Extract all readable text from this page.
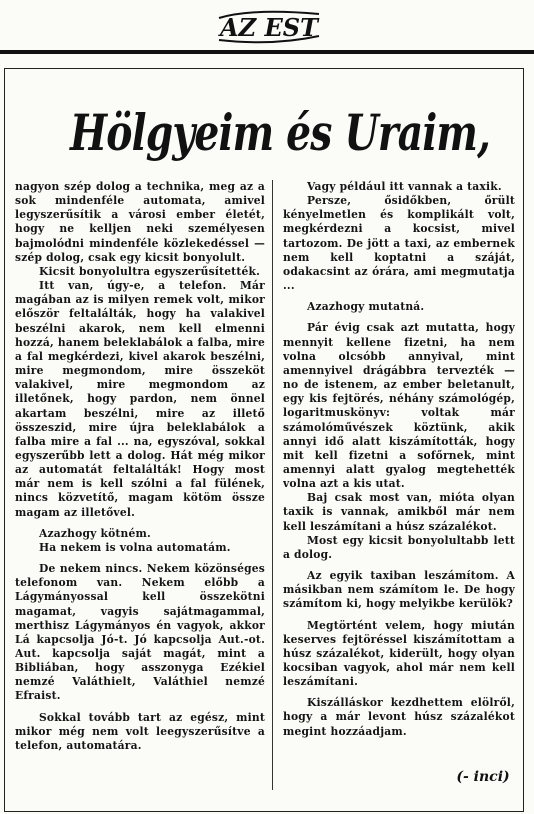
AZ EST
Hölgyeim és Uraim,

nagyon szép dolog a technika, meg az a sok mindenféle automata, amivel legyszerűsítik a városi ember életét, hogy ne kelljen neki személyesen bajmolódni mindenféle közlekedéssel — szép dolog, csak egy kicsit bonyolult.

Kicsit bonyolultra egyszerűsítették.

Itt van, úgy-e, a telefon. Már magában az is milyen remek volt, mikor először feltalálták, hogy ha valakivel beszélni akarok, nem kell elmenni hozzá, hanem beleklabálok a falba, mire a fal megkérdezi, kivel akarok beszélni, mire megmondom, mire összeköt valakivel, mire megmondom az illetőnek, hogy pardon, nem önnel akartam beszélni, mire az illető összeszid, mire újra beleklabálok a falba mire a fal ... na, egyszóval, sokkal egyszerűbb lett a dolog. Hát még mikor az automatát feltalálták! Hogy most már nem is kell szólni a fal fülének, nincs közvetítő, magam kötöm össze magam az illetővel.

Azazhogy kötném.

Ha nekem is volna automatám.

De nekem nincs. Nekem közönséges telefonom van. Nekem előbb a Lágymányossal kell összekötni magamat, vagyis sajátmagammal, merthisz Lágymányos én vagyok, akkor Lá kapcsolja Jó-t. Jó kapcsolja Aut.-ot. Aut. kapcsolja saját magát, mint a Bibliában, hogy asszonyga Ezékiel nemzé Valáthielt, Valáthiel nemzé Efraist.

Sokkal tovább tart az egész, mint mikor még nem volt leegyszerűsítve a telefon, automatára.

Vagy például itt vannak a taxik.

Persze, ősidőkben, őrült kényelmetlen és komplikált volt, megkérdezni a kocsist, mivel tartozom. De jött a taxi, az embernek nem kell koptatni a száját, odakacsint az órára, ami megmutatja ...

Azazhogy mutatná.

Pár évig csak azt mutatta, hogy mennyit kellene fizetni, ha nem volna olcsóbb annyival, mint amennyivel drágábbra tervezték — no de istenem, az ember beletanult, egy kis fejtörés, néhány számológép, logaritmuskönyv: voltak már számolóművészek köztünk, akik annyi idő alatt kiszámították, hogy mit kell fizetni a sofőrnek, mint amennyi alatt gyalog megtehették volna azt a kis utat.

Baj csak most van, mióta olyan taxik is vannak, amikből már nem kell leszámítani a húsz százalékot.

Most egy kicsit bonyolultabb lett a dolog.

Az egyik taxiban leszámítom. A másikban nem számítom le. De hogy számítom ki, hogy melyikbe kerülök?

Megtörtént velem, hogy miután keserves fejtöréssel kiszámítottam a húsz százalékot, kiderült, hogy olyan kocsiban vagyok, ahol már nem kell leszámítani.

Kiszálláskor kezdhettem elölről, hogy a már levont húsz százalékot megint hozzáadjam.

(- inci)
